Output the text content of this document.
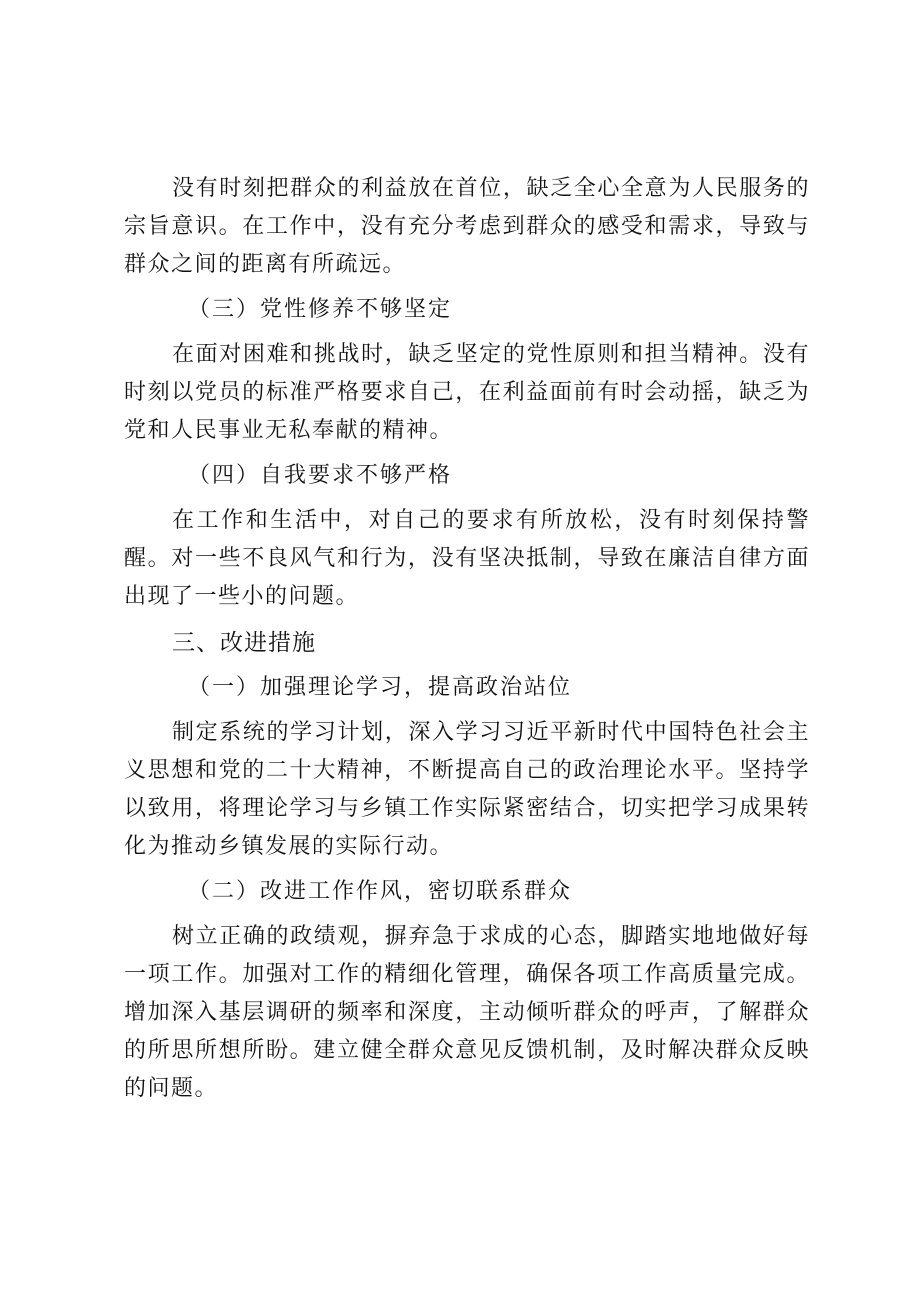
没有时刻把群众的利益放在首位，缺乏全心全意为人民服务的宗旨意识。在工作中，没有充分考虑到群众的感受和需求，导致与群众之间的距离有所疏远。

（三）党性修养不够坚定

在面对困难和挑战时，缺乏坚定的党性原则和担当精神。没有时刻以党员的标准严格要求自己，在利益面前有时会动摇，缺乏为党和人民事业无私奉献的精神。

（四）自我要求不够严格

在工作和生活中，对自己的要求有所放松，没有时刻保持警醒。对一些不良风气和行为，没有坚决抵制，导致在廉洁自律方面出现了一些小的问题。

三、改进措施
（一）加强理论学习，提高政治站位

制定系统的学习计划，深入学习习近平新时代中国特色社会主义思想和党的二十大精神，不断提高自己的政治理论水平。坚持学以致用，将理论学习与乡镇工作实际紧密结合，切实把学习成果转化为推动乡镇发展的实际行动。

（二）改进工作作风，密切联系群众

树立正确的政绩观，摒弃急于求成的心态，脚踏实地地做好每一项工作。加强对工作的精细化管理，确保各项工作高质量完成。增加深入基层调研的频率和深度，主动倾听群众的呼声，了解群众的所思所想所盼。建立健全群众意见反馈机制，及时解决群众反映的问题。
